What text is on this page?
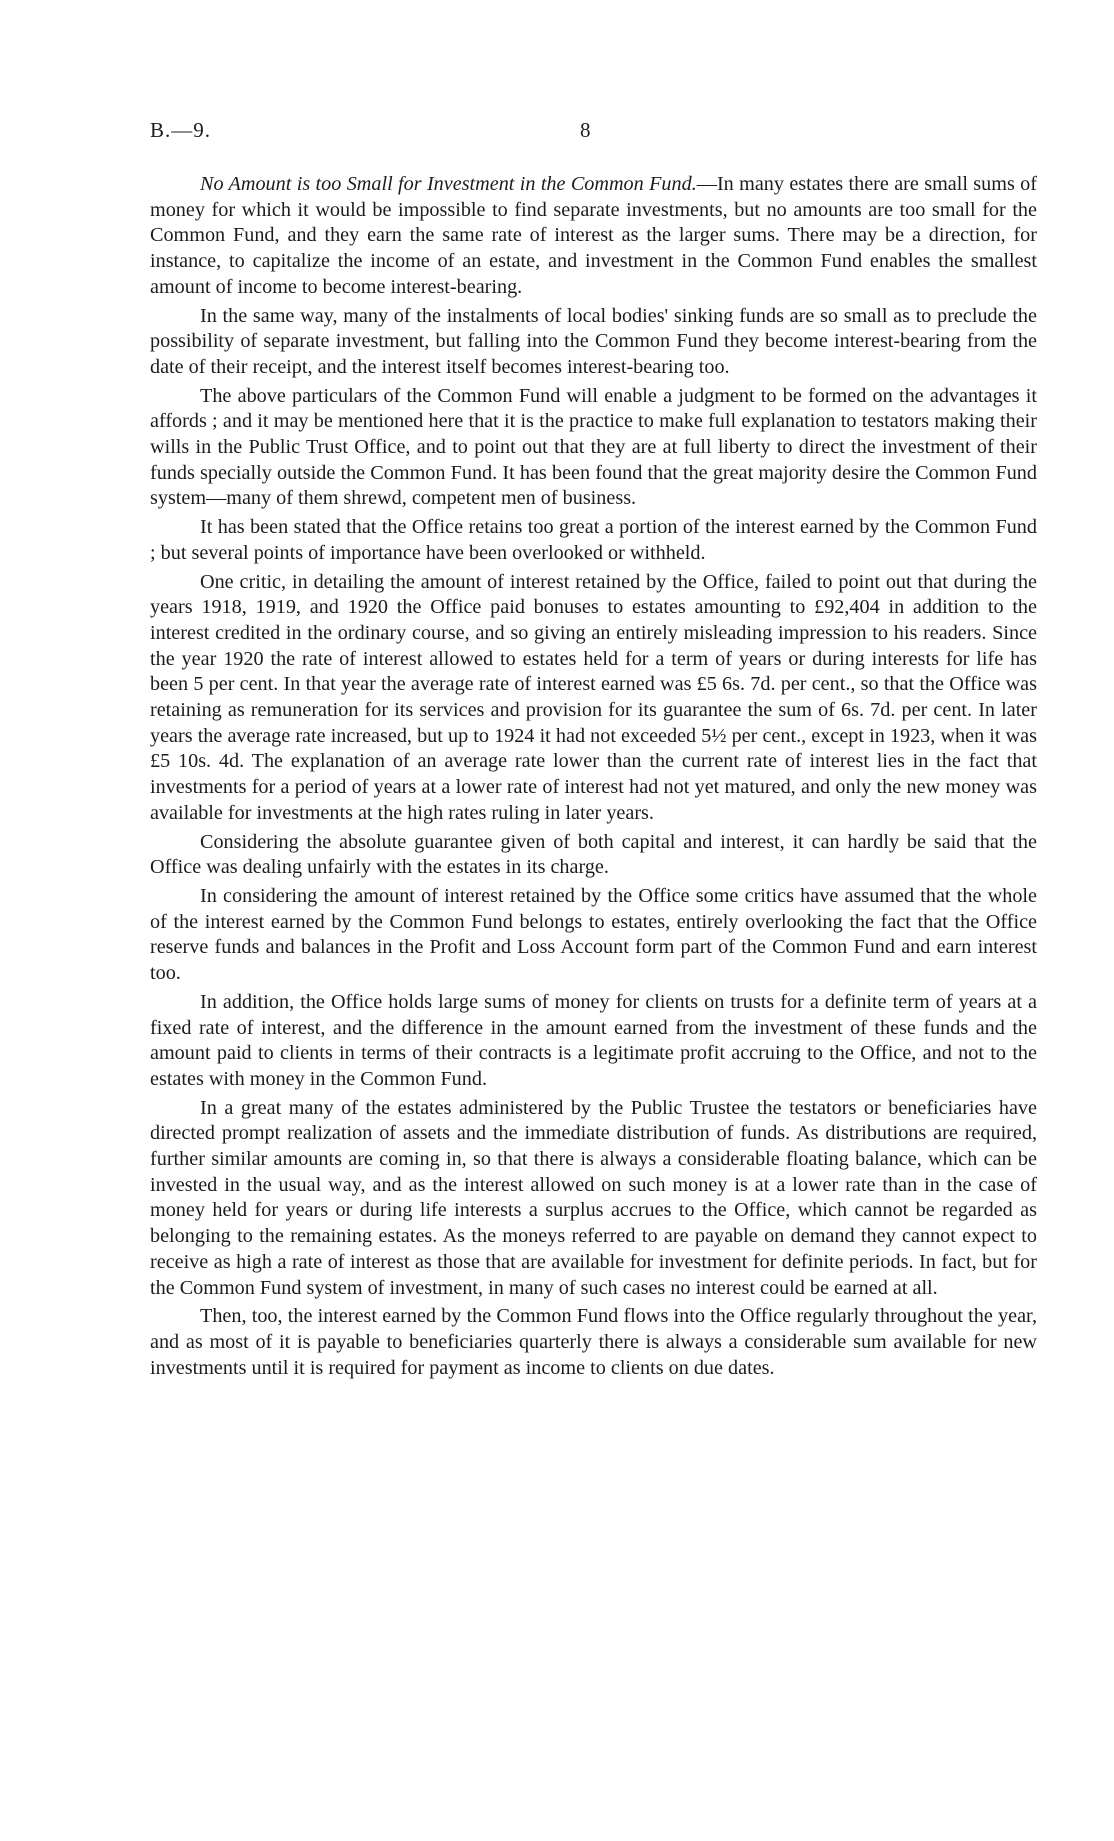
B.—9.	8

No Amount is too Small for Investment in the Common Fund.—In many estates there are small sums of money for which it would be impossible to find separate investments, but no amounts are too small for the Common Fund, and they earn the same rate of interest as the larger sums. There may be a direction, for instance, to capitalize the income of an estate, and investment in the Common Fund enables the smallest amount of income to become interest-bearing.

In the same way, many of the instalments of local bodies' sinking funds are so small as to preclude the possibility of separate investment, but falling into the Common Fund they become interest-bearing from the date of their receipt, and the interest itself becomes interest-bearing too.

The above particulars of the Common Fund will enable a judgment to be formed on the advantages it affords ; and it may be mentioned here that it is the practice to make full explanation to testators making their wills in the Public Trust Office, and to point out that they are at full liberty to direct the investment of their funds specially outside the Common Fund. It has been found that the great majority desire the Common Fund system—many of them shrewd, competent men of business.

It has been stated that the Office retains too great a portion of the interest earned by the Common Fund ; but several points of importance have been overlooked or withheld.

One critic, in detailing the amount of interest retained by the Office, failed to point out that during the years 1918, 1919, and 1920 the Office paid bonuses to estates amounting to £92,404 in addition to the interest credited in the ordinary course, and so giving an entirely misleading impression to his readers. Since the year 1920 the rate of interest allowed to estates held for a term of years or during interests for life has been 5 per cent. In that year the average rate of interest earned was £5 6s. 7d. per cent., so that the Office was retaining as remuneration for its services and provision for its guarantee the sum of 6s. 7d. per cent. In later years the average rate increased, but up to 1924 it had not exceeded 5½ per cent., except in 1923, when it was £5 10s. 4d. The explanation of an average rate lower than the current rate of interest lies in the fact that investments for a period of years at a lower rate of interest had not yet matured, and only the new money was available for investments at the high rates ruling in later years.

Considering the absolute guarantee given of both capital and interest, it can hardly be said that the Office was dealing unfairly with the estates in its charge.

In considering the amount of interest retained by the Office some critics have assumed that the whole of the interest earned by the Common Fund belongs to estates, entirely overlooking the fact that the Office reserve funds and balances in the Profit and Loss Account form part of the Common Fund and earn interest too.

In addition, the Office holds large sums of money for clients on trusts for a definite term of years at a fixed rate of interest, and the difference in the amount earned from the investment of these funds and the amount paid to clients in terms of their contracts is a legitimate profit accruing to the Office, and not to the estates with money in the Common Fund.

In a great many of the estates administered by the Public Trustee the testators or beneficiaries have directed prompt realization of assets and the immediate distribution of funds. As distributions are required, further similar amounts are coming in, so that there is always a considerable floating balance, which can be invested in the usual way, and as the interest allowed on such money is at a lower rate than in the case of money held for years or during life interests a surplus accrues to the Office, which cannot be regarded as belonging to the remaining estates. As the moneys referred to are payable on demand they cannot expect to receive as high a rate of interest as those that are available for investment for definite periods. In fact, but for the Common Fund system of investment, in many of such cases no interest could be earned at all.

Then, too, the interest earned by the Common Fund flows into the Office regularly throughout the year, and as most of it is payable to beneficiaries quarterly there is always a considerable sum available for new investments until it is required for payment as income to clients on due dates.
